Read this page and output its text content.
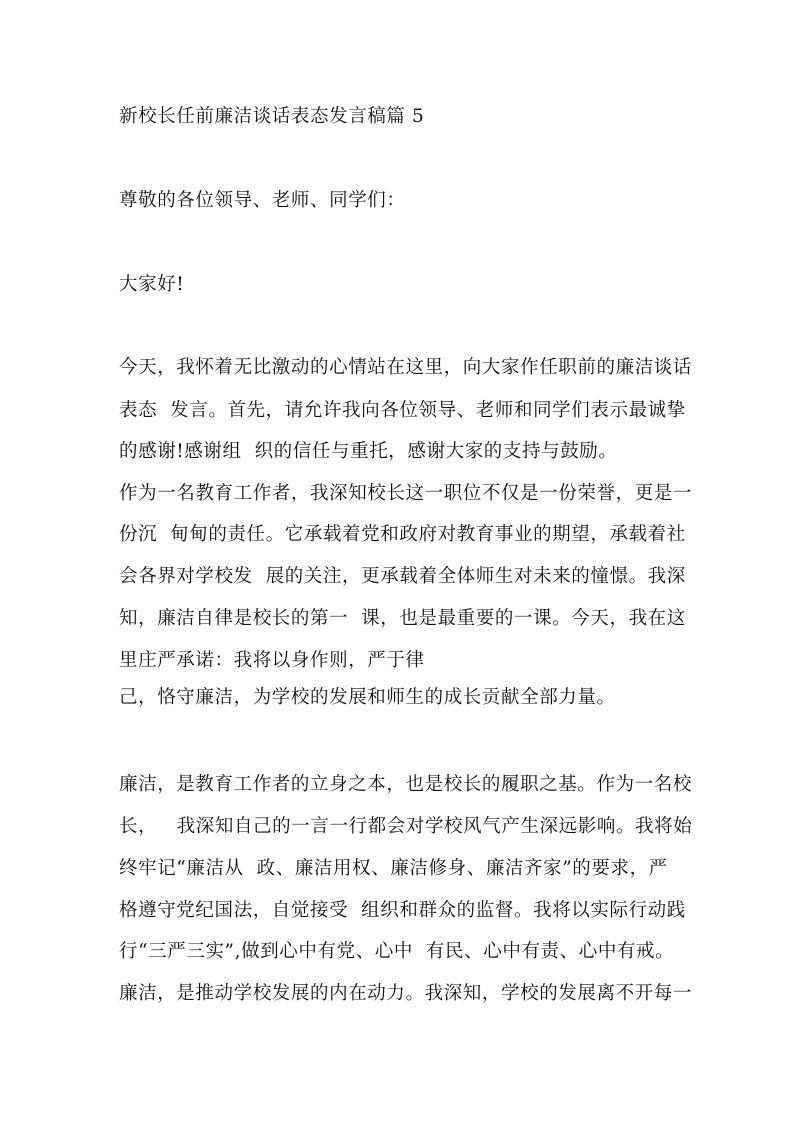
新校长任前廉洁谈话表态发言稿篇 5
尊敬的各位领导、老师、同学们：
大家好!
今天，我怀着无比激动的心情站在这里，向大家作任职前的廉洁谈话
表态  发言。首先，请允许我向各位领导、老师和同学们表示最诚挚
的感谢!感谢组  织的信任与重托，感谢大家的支持与鼓励。
作为一名教育工作者，我深知校长这一职位不仅是一份荣誉，更是一
份沉  甸甸的责任。它承载着党和政府对教育事业的期望，承载着社
会各界对学校发  展的关注，更承载着全体师生对未来的憧憬。我深
知，廉洁自律是校长的第一  课，也是最重要的一课。今天，我在这
里庄严承诺：我将以身作则，严于律
己，恪守廉洁，为学校的发展和师生的成长贡献全部力量。
廉洁，是教育工作者的立身之本，也是校长的履职之基。作为一名校
长，   我深知自己的一言一行都会对学校风气产生深远影响。我将始
终牢记“廉洁从  政、廉洁用权、廉洁修身、廉洁齐家”的要求，严
格遵守党纪国法，自觉接受  组织和群众的监督。我将以实际行动践
行“三严三实”,做到心中有党、心中  有民、心中有责、心中有戒。
廉洁，是推动学校发展的内在动力。我深知，学校的发展离不开每一
